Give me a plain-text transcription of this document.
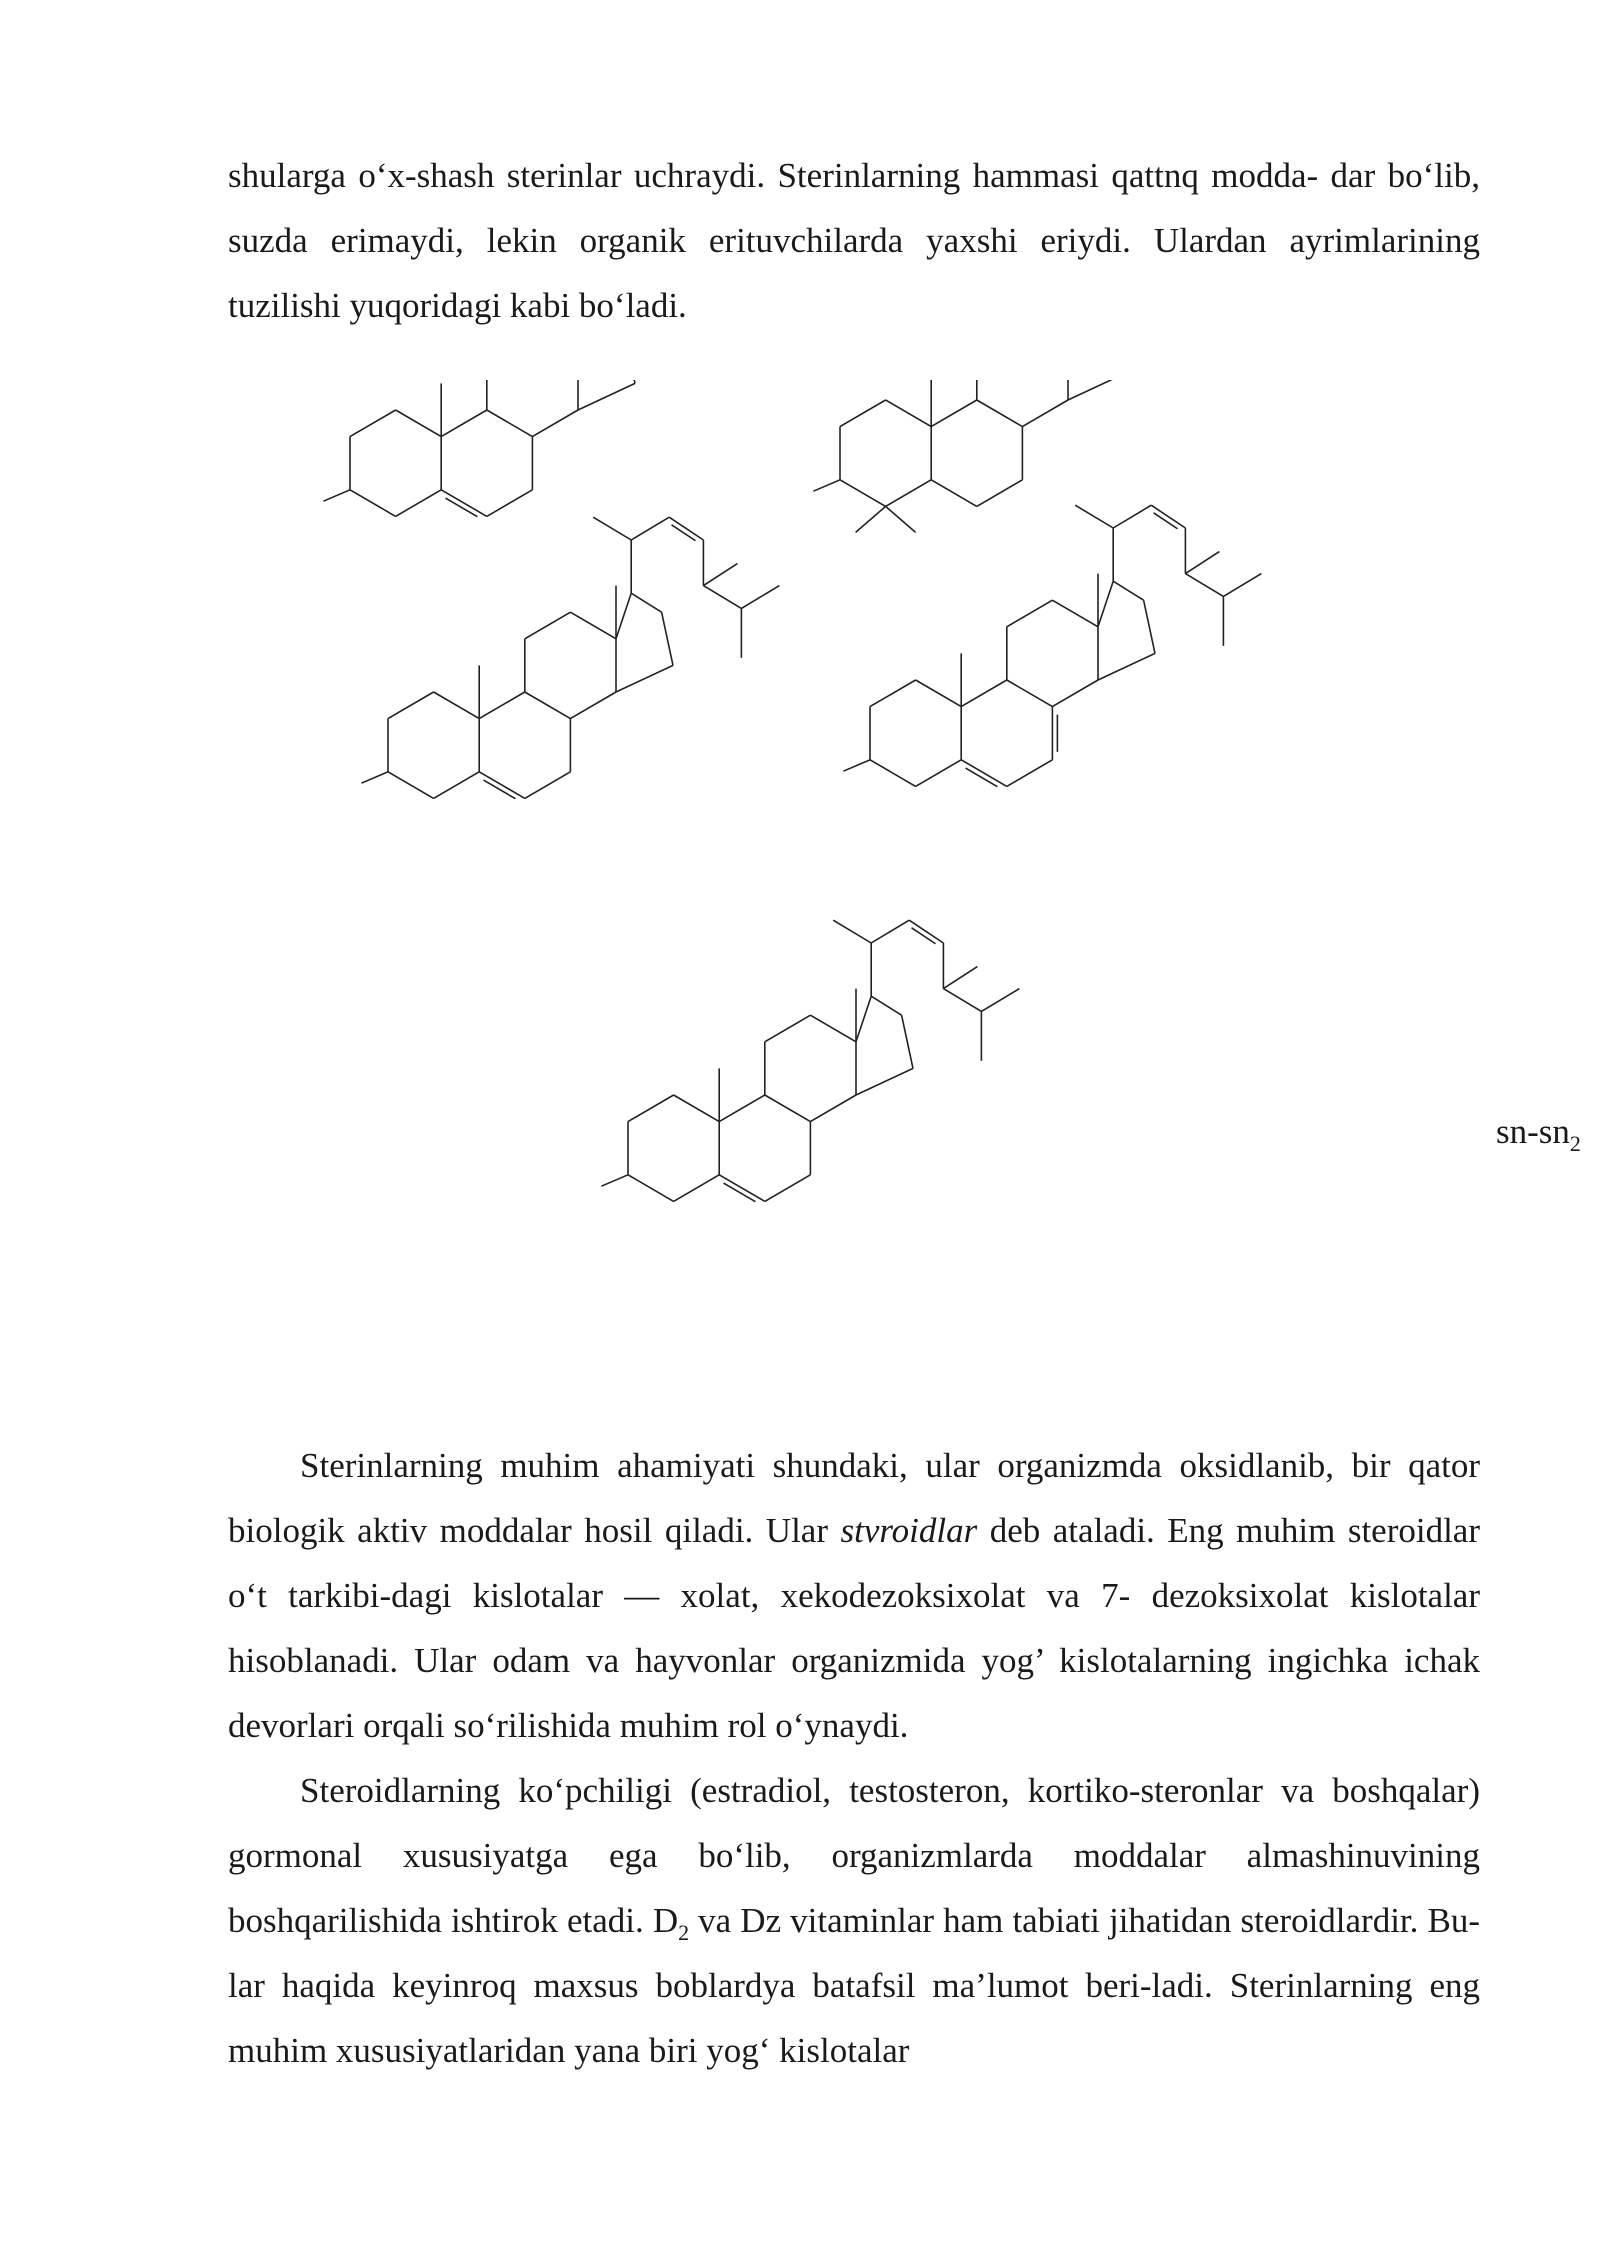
shularga o‘x-shash sterinlar uchraydi. Sterinlarning hammasi qattnq modda- dar bo‘lib, suzda erimaydi, lekin organik erituvchilarda yaxshi eriydi. Ulardan ayrimlarining tuzilishi yuqoridagi kabi bo‘ladi.

$sn-sn_2$

Sterinlarning muhim ahamiyati shundaki, ular organizmda oksidlanib, bir qator biologik aktiv moddalar hosil qiladi. Ular stvroidlar deb ataladi. Eng muhim steroidlar o‘t tarkibi-dagi kislotalar — xolat, xekodezoksixolat va 7- dezoksixolat kislotalar hisoblanadi. Ular odam va hayvonlar organizmida yog’ kislotalarning ingichka ichak devorlari orqali so‘rilishida muhim rol o‘ynaydi.

Steroidlarning ko‘pchiligi (estradiol, testosteron, kortiko-steronlar va boshqalar) gormonal xususiyatga ega bo‘lib, organizmlarda moddalar almashinuvining boshqarilishida ishtirok etadi. $D_2$ va Dz vitaminlar ham tabiati jihatidan steroidlardir. Bu-lar haqida keyinroq maxsus boblardya batafsil ma’lumot beri-ladi. Sterinlarning eng muhim xususiyatlaridan yana biri yog‘ kislotalar
